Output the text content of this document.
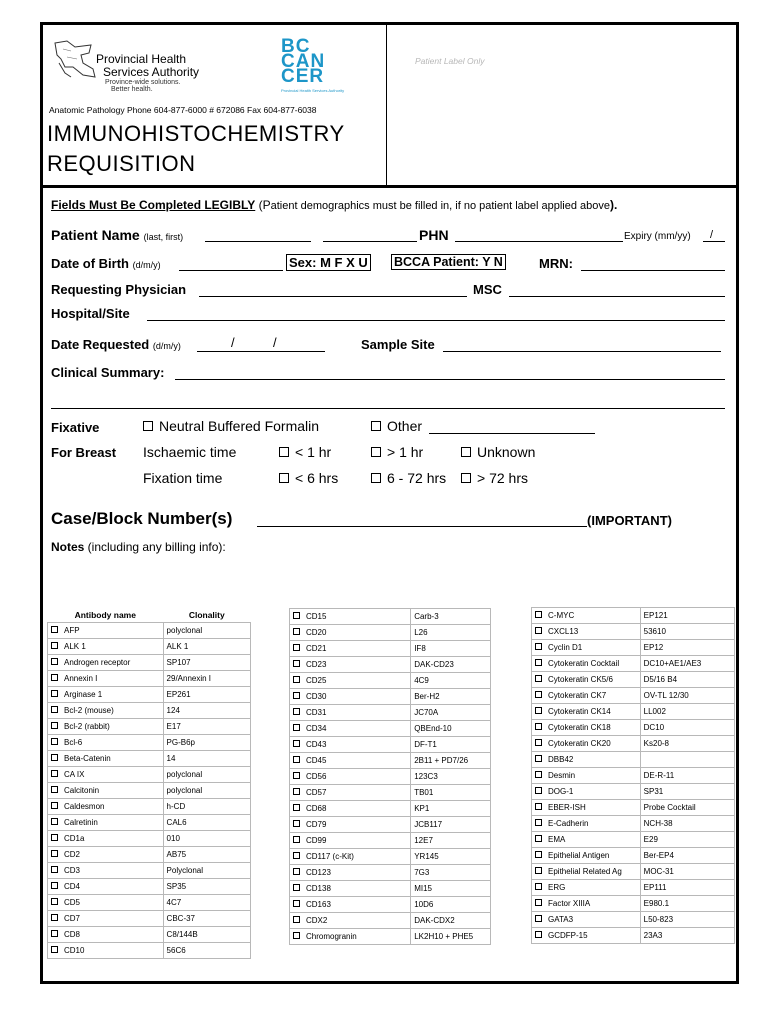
Provincial Health
Services Authority
Province-wide solutions.
Better health.
BC
CAN
CER
Provincial Health Services Authority
Anatomic Pathology Phone 604-877-6000 # 672086 Fax 604-877-6038
IMMUNOHISTOCHEMISTRY
REQUISITION
Patient Label Only
Fields Must Be Completed LEGIBLY (Patient demographics must be filled in, if no patient label applied above).
Patient Name (last, first)	PHN	Expiry (mm/yy) /
Date of Birth (d/m/y)	Sex: M F X U BCCA Patient: Y N	MRN:
Requesting Physician	MSC
Hospital/Site
Date Requested (d/m/y)	/	/	Sample Site
Clinical Summary:
Fixative	Neutral Buffered Formalin	Other
For Breast Ischaemic time	< 1 hr	> 1 hr	Unknown
Fixation time	< 6 hrs	6 - 72 hrs	> 72 hrs
Case/Block Number(s)	(IMPORTANT)
Notes (including any billing info):
Antibody name	Clonality
AFP	polyclonal
ALK 1	ALK 1
Androgen receptor	SP107
Annexin I	29/Annexin I
Arginase 1	EP261
Bcl-2 (mouse)	124
Bcl-2 (rabbit)	E17
Bcl-6	PG-B6p
Beta-Catenin	14
CA IX	polyclonal
Calcitonin	polyclonal
Caldesmon	h-CD
Calretinin	CAL6
CD1a	010
CD2	AB75
CD3	Polyclonal
CD4	SP35
CD5	4C7
CD7	CBC-37
CD8	C8/144B
CD10	56C6
CD15	Carb-3
CD20	L26
CD21	IF8
CD23	DAK-CD23
CD25	4C9
CD30	Ber-H2
CD31	JC70A
CD34	QBEnd-10
CD43	DF-T1
CD45	2B11 + PD7/26
CD56	123C3
CD57	TB01
CD68	KP1
CD79	JCB117
CD99	12E7
CD117 (c-Kit)	YR145
CD123	7G3
CD138	MI15
CD163	10D6
CDX2	DAK-CDX2
Chromogranin	LK2H10 + PHE5
C-MYC	EP121
CXCL13	53610
Cyclin D1	EP12
Cytokeratin Cocktail	DC10+AE1/AE3
Cytokeratin CK5/6	D5/16 B4
Cytokeratin CK7	OV-TL 12/30
Cytokeratin CK14	LL002
Cytokeratin CK18	DC10
Cytokeratin CK20	Ks20-8
DBB42	
Desmin	DE-R-11
DOG-1	SP31
EBER-ISH	Probe Cocktail
E-Cadherin	NCH-38
EMA	E29
Epithelial Antigen	Ber-EP4
Epithelial Related Ag	MOC-31
ERG	EP111
Factor XIIIA	E980.1
GATA3	L50-823
GCDFP-15	23A3
